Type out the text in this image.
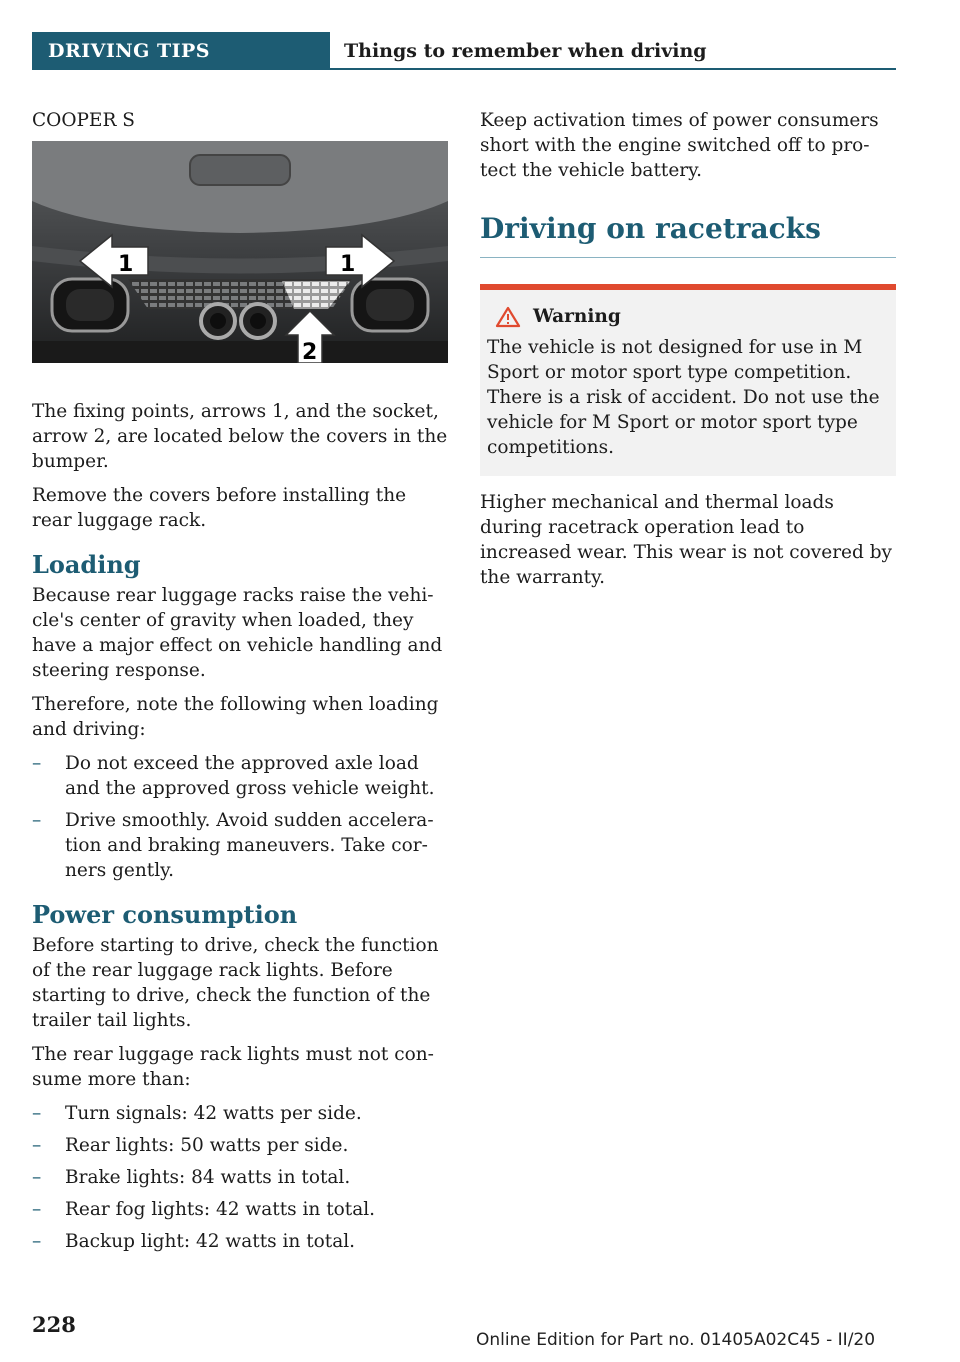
DRIVING TIPS	Things to remember when driving

COOPER S

1	1
2

The fixing points, arrows 1, and the socket, arrow 2, are located below the covers in the bumper.

Remove the covers before installing the rear luggage rack.

Loading

Because rear luggage racks raise the vehicle's center of gravity when loaded, they have a major effect on vehicle handling and steering response.

Therefore, note the following when loading and driving:

– Do not exceed the approved axle load and the approved gross vehicle weight.
– Drive smoothly. Avoid sudden acceleration and braking maneuvers. Take corners gently.
Power consumption

Before starting to drive, check the function of the rear luggage rack lights. Before starting to drive, check the function of the trailer tail lights.

The rear luggage rack lights must not consume more than:

– Turn signals: 42 watts per side.
– Rear lights: 50 watts per side.
– Brake lights: 84 watts in total.
– Rear fog lights: 42 watts in total.
– Backup light: 42 watts in total.

Keep activation times of power consumers short with the engine switched off to protect the vehicle battery.

Driving on racetracks
Warning
The vehicle is not designed for use in M Sport or motor sport type competition. There is a risk of accident. Do not use the vehicle for M Sport or motor sport type competitions.

Higher mechanical and thermal loads during racetrack operation lead to increased wear. This wear is not covered by the warranty.

228
Online Edition for Part no. 01405A02C45 - II/20
